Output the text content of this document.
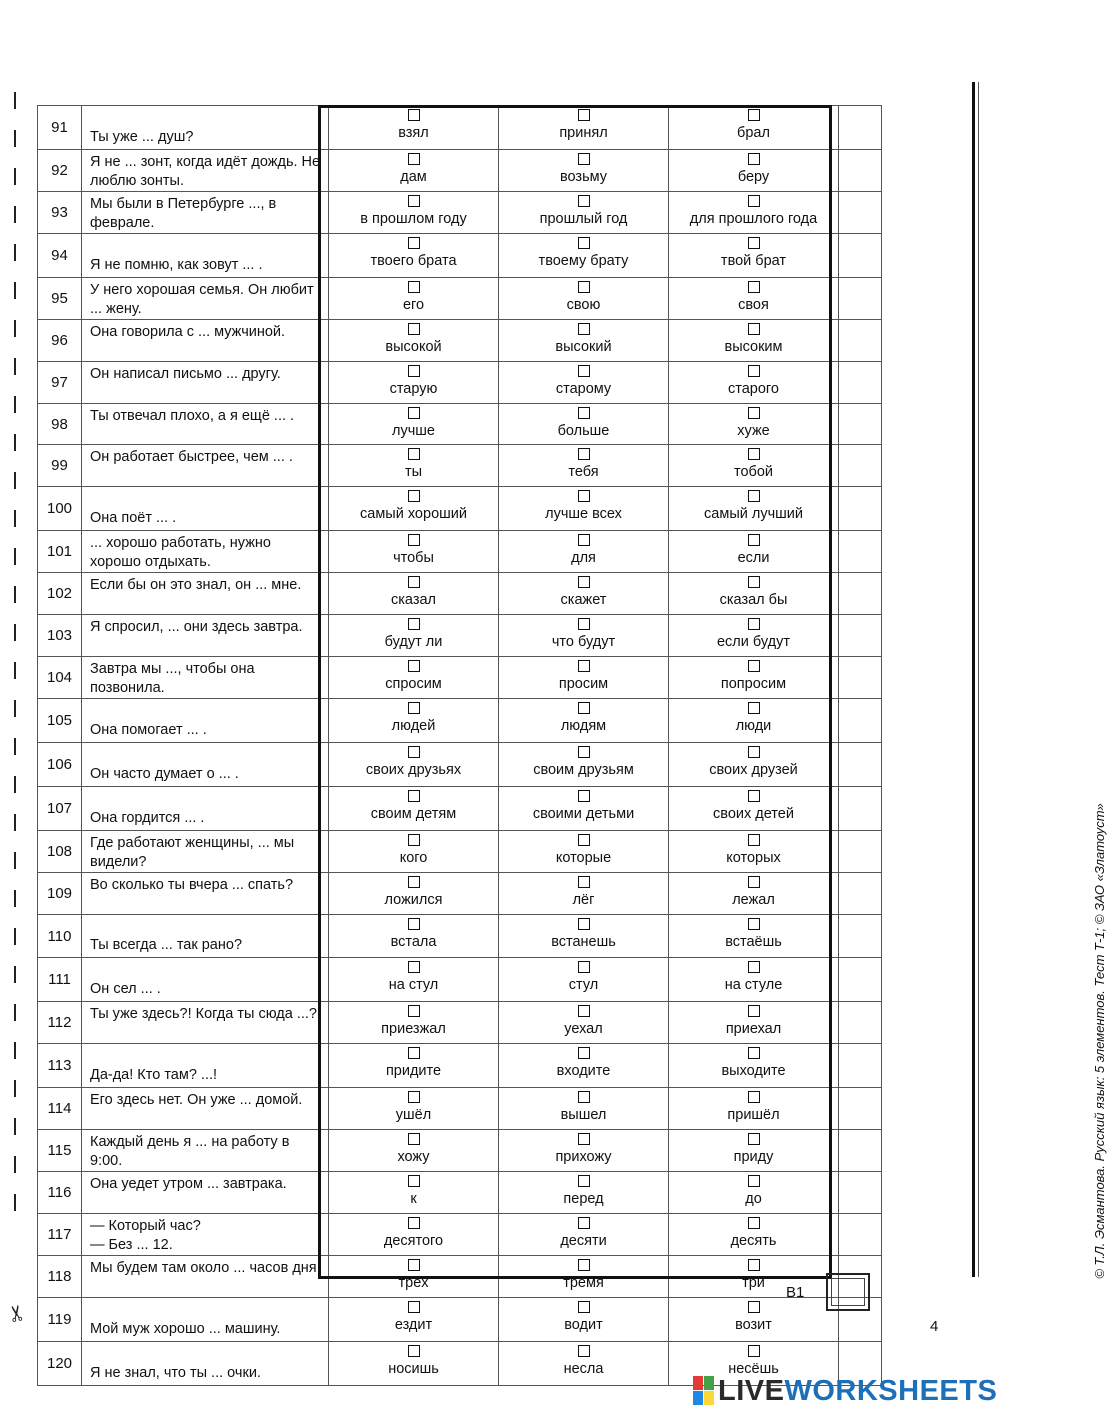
✂
91	Ты уже ... душ?	взял	принял	брал	

92	Я не ... зонт, когда идёт дождь. Не люблю зонты.	дам	возьму	беру	

93	Мы были в Петербурге ..., в феврале.	в прошлом году	прошлый год	для прошлого года	

94	Я не помню, как зовут ... .	твоего брата	твоему брату	твой брат	

95	У него хорошая семья. Он любит ... жену.	его	свою	своя	

96	Она говорила с ... мужчиной.	высокой	высокий	высоким	

97	Он написал письмо ... другу.	старую	старому	старого	

98	Ты отвечал плохо, а я ещё ... .	лучше	больше	хуже	

99	Он работает быстрее, чем ... .	ты	тебя	тобой	

100	Она поёт ... .	самый хороший	лучше всех	самый лучший	

101	... хорошо работать, нужно хорошо отдыхать.	чтобы	для	если	

102	Если бы он это знал, он ... мне.	сказал	скажет	сказал бы	

103	Я спросил, ... они здесь завтра.	будут ли	что будут	если будут	

104	Завтра мы ..., чтобы она позвонила.	спросим	просим	попросим	

105	Она помогает ... .	людей	людям	люди	

106	Он часто думает о ... .	своих друзьях	своим друзьям	своих друзей	

107	Она гордится ... .	своим детям	своими детьми	своих детей	

108	Где работают женщины, ... мы видели?	кого	которые	которых	

109	Во сколько ты вчера ... спать?	ложился	лёг	лежал	

110	Ты всегда ... так рано?	встала	встанешь	встаёшь	

111	Он сел ... .	на стул	стул	на стуле	

112	Ты уже здесь?! Когда ты сюда ...?	приезжал	уехал	приехал	

113	Да-да! Кто там? ...!	придите	входите	выходите	

114	Его здесь нет. Он уже ... домой.	ушёл	вышел	пришёл	

115	Каждый день я ... на работу в 9:00.	хожу	прихожу	приду	

116	Она уедет утром ... завтрака.	к	перед	до	

117	— Который час?
— Без ... 12.	десятого	десяти	десять	

118	Мы будем там около ... часов дня.	трёх	тремя	три	

119	Мой муж хорошо ... машину.	ездит	водит	возит	

120	Я не знал, что ты ... очки.	носишь	несла	несёшь	

B1
4
© Т.Л. Эсмантова. Русский язык: 5 элементов. Тест Т-1; © ЗАО «Златоуст»
LIVEWORKSHEETS
